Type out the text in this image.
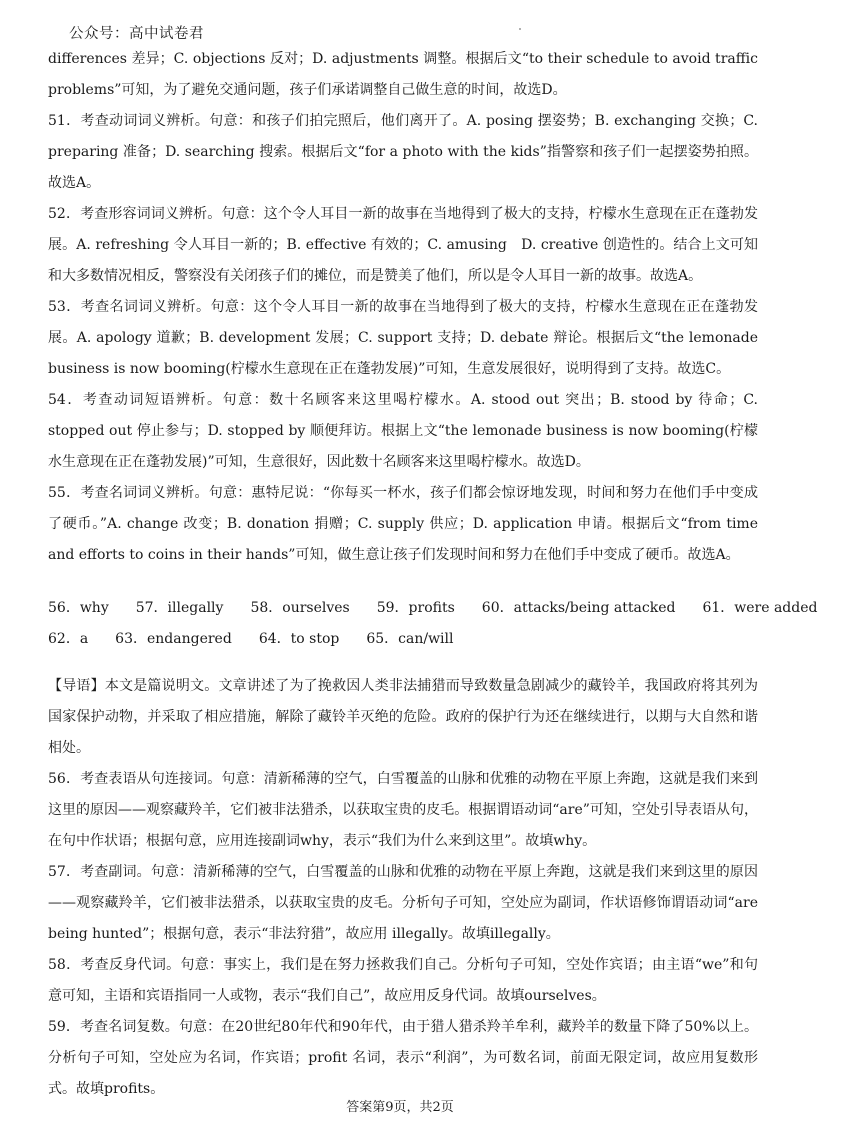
公众号：高中试卷君

differences 差异；C. objections 反对；D. adjustments 调整。根据后文“to their schedule to avoid traffic problems”可知，为了避免交通问题，孩子们承诺调整自己做生意的时间，故选D。

51．考查动词词义辨析。句意：和孩子们拍完照后，他们离开了。A. posing 摆姿势；B. exchanging 交换；C. preparing 准备；D. searching 搜索。根据后文“for a photo with the kids”指警察和孩子们一起摆姿势拍照。故选A。

52．考查形容词词义辨析。句意：这个令人耳目一新的故事在当地得到了极大的支持，柠檬水生意现在正在蓬勃发展。A. refreshing 令人耳目一新的；B. effective 有效的；C. amusing　D. creative 创造性的。结合上文可知和大多数情况相反，警察没有关闭孩子们的摊位，而是赞美了他们，所以是令人耳目一新的故事。故选A。

53．考查名词词义辨析。句意：这个令人耳目一新的故事在当地得到了极大的支持，柠檬水生意现在正在蓬勃发展。A. apology 道歉；B. development 发展；C. support 支持；D. debate 辩论。根据后文“the lemonade business is now booming(柠檬水生意现在正在蓬勃发展)”可知，生意发展很好，说明得到了支持。故选C。

54．考查动词短语辨析。句意：数十名顾客来这里喝柠檬水。A. stood out 突出；B. stood by 待命；C. stopped out 停止参与；D. stopped by 顺便拜访。根据上文“the lemonade business is now booming(柠檬水生意现在正在蓬勃发展)”可知，生意很好，因此数十名顾客来这里喝柠檬水。故选D。

55．考查名词词义辨析。句意：惠特尼说：“你每买一杯水，孩子们都会惊讶地发现，时间和努力在他们手中变成了硬币。”A. change 改变；B. donation 捐赠；C. supply 供应；D. application 申请。根据后文“from time and efforts to coins in their hands”可知，做生意让孩子们发现时间和努力在他们手中变成了硬币。故选A。

56．why 57．illegally 58．ourselves 59．profits 60．attacks/being attacked 61．were added
62．a 63．endangered 64．to stop 65．can/will

【导语】本文是篇说明文。文章讲述了为了挽救因人类非法捕猎而导致数量急剧减少的藏铃羊，我国政府将其列为国家保护动物，并采取了相应措施，解除了藏铃羊灭绝的危险。政府的保护行为还在继续进行，以期与大自然和谐相处。

56．考查表语从句连接词。句意：清新稀薄的空气，白雪覆盖的山脉和优雅的动物在平原上奔跑，这就是我们来到这里的原因——观察藏羚羊，它们被非法猎杀，以获取宝贵的皮毛。根据谓语动词“are”可知，空处引导表语从句，在句中作状语；根据句意，应用连接副词why，表示“我们为什么来到这里”。故填why。

57．考查副词。句意：清新稀薄的空气，白雪覆盖的山脉和优雅的动物在平原上奔跑，这就是我们来到这里的原因——观察藏羚羊，它们被非法猎杀，以获取宝贵的皮毛。分析句子可知，空处应为副词，作状语修饰谓语动词“are being hunted”；根据句意，表示“非法狩猎”，故应用 illegally。故填illegally。

58．考查反身代词。句意：事实上，我们是在努力拯救我们自己。分析句子可知，空处作宾语；由主语“we”和句意可知，主语和宾语指同一人或物，表示“我们自己”，故应用反身代词。故填ourselves。

59．考查名词复数。句意：在20世纪80年代和90年代，由于猎人猎杀羚羊牟利，藏羚羊的数量下降了50%以上。分析句子可知，空处应为名词，作宾语；profit 名词，表示“利润”，为可数名词，前面无限定词，故应用复数形式。故填profits。

答案第9页，共2页
